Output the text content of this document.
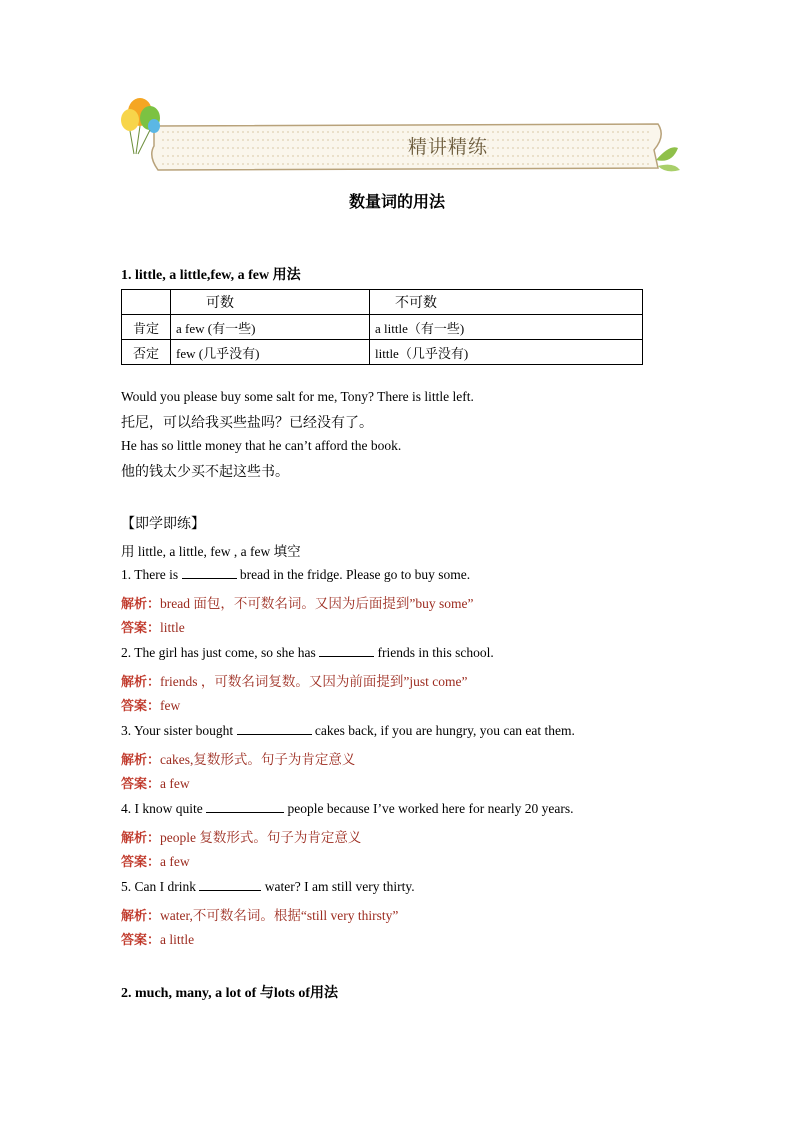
精讲精练
数量词的用法
1. little, a little,few, a few 用法
	可数	不可数
肯定	a few (有一些)	a little（有一些)
否定	few (几乎没有)	little（几乎没有)
Would you please buy some salt for me, Tony? There is little left.
托尼，可以给我买些盐吗？已经没有了。
He has so little money that he can’t afford the book.
他的钱太少买不起这些书。
【即学即练】
用 little, a little, few , a few 填空
1. There is	bread in the fridge. Please go to buy some.
解析：bread 面包，不可数名词。又因为后面提到”buy some”
答案：little
2. The girl has just come, so she has	friends in this school.
解析：friends ，可数名词复数。又因为前面提到”just come”
答案：few
3. Your sister bought	cakes back, if you are hungry, you can eat them.
解析：cakes,复数形式。句子为肯定意义
答案：a few
4. I know quite	people because I’ve worked here for nearly 20 years.
解析：people 复数形式。句子为肯定意义
答案：a few
5. Can I drink	water? I am still very thirty.
解析：water,不可数名词。根据“still very thirsty”
答案：a little
2. much, many, a lot of 与lots of用法
